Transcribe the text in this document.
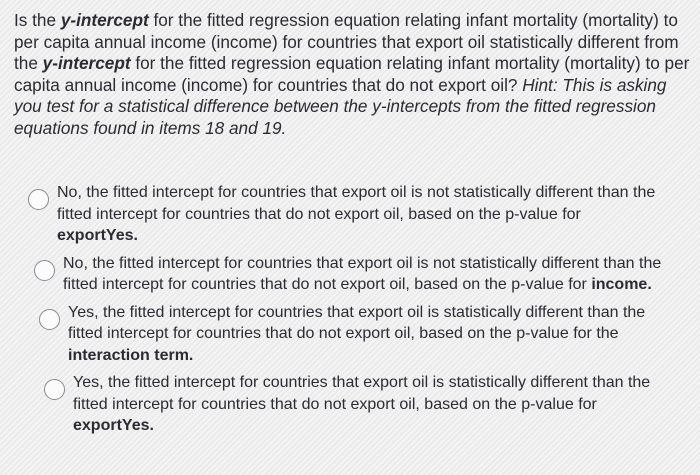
Is the y-intercept for the fitted regression equation relating infant mortality (mortality) to per capita annual income (income) for countries that export oil statistically different from the y-intercept for the fitted regression equation relating infant mortality (mortality) to per capita annual income (income) for countries that do not export oil? Hint: This is asking you test for a statistical difference between the y-intercepts from the fitted regression equations found in items 18 and 19.

No, the fitted intercept for countries that export oil is not statistically different than the fitted intercept for countries that do not export oil, based on the p-value for exportYes.
No, the fitted intercept for countries that export oil is not statistically different than the fitted intercept for countries that do not export oil, based on the p-value for income.
Yes, the fitted intercept for countries that export oil is statistically different than the fitted intercept for countries that do not export oil, based on the p-value for the interaction term.
Yes, the fitted intercept for countries that export oil is statistically different than the fitted intercept for countries that do not export oil, based on the p-value for exportYes.
